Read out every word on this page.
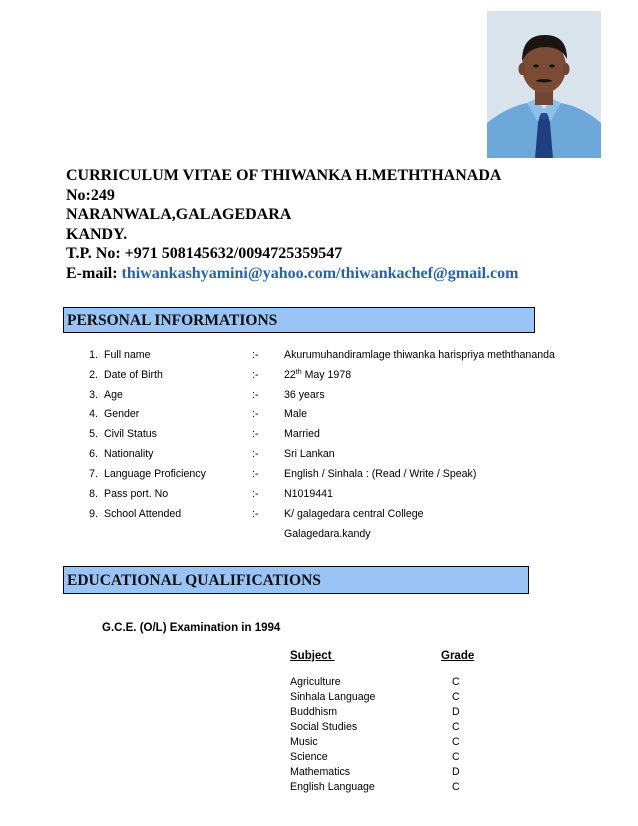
CURRICULUM VITAE OF THIWANKA H.METHTHANADA
No:249
NARANWALA,GALAGEDARA
KANDY.
T.P. No: +971 508145632/0094725359547
E-mail: thiwankashyamini@yahoo.com/thiwankachef@gmail.com
PERSONAL INFORMATIONS
1. Full name	:- Akurumuhandiramlage thiwanka harispriya meththananda
2. Date of Birth	:- 22th May 1978
3. Age	:- 36 years
4. Gender	:- Male
5. Civil Status	:- Married
6. Nationality	:- Sri Lankan
7. Language Proficiency	:- English / Sinhala : (Read / Write / Speak)
8. Pass port. No	:- N1019441
9. School Attended	:- K/ galagedara central College
Galagedara.kandy
EDUCATIONAL QUALIFICATIONS
G.C.E. (O/L) Examination in 1994
Subject	Grade
Agriculture	C
Sinhala Language	C
Buddhism	D
Social Studies	C
Music	C
Science	C
Mathematics	D
English Language	C
